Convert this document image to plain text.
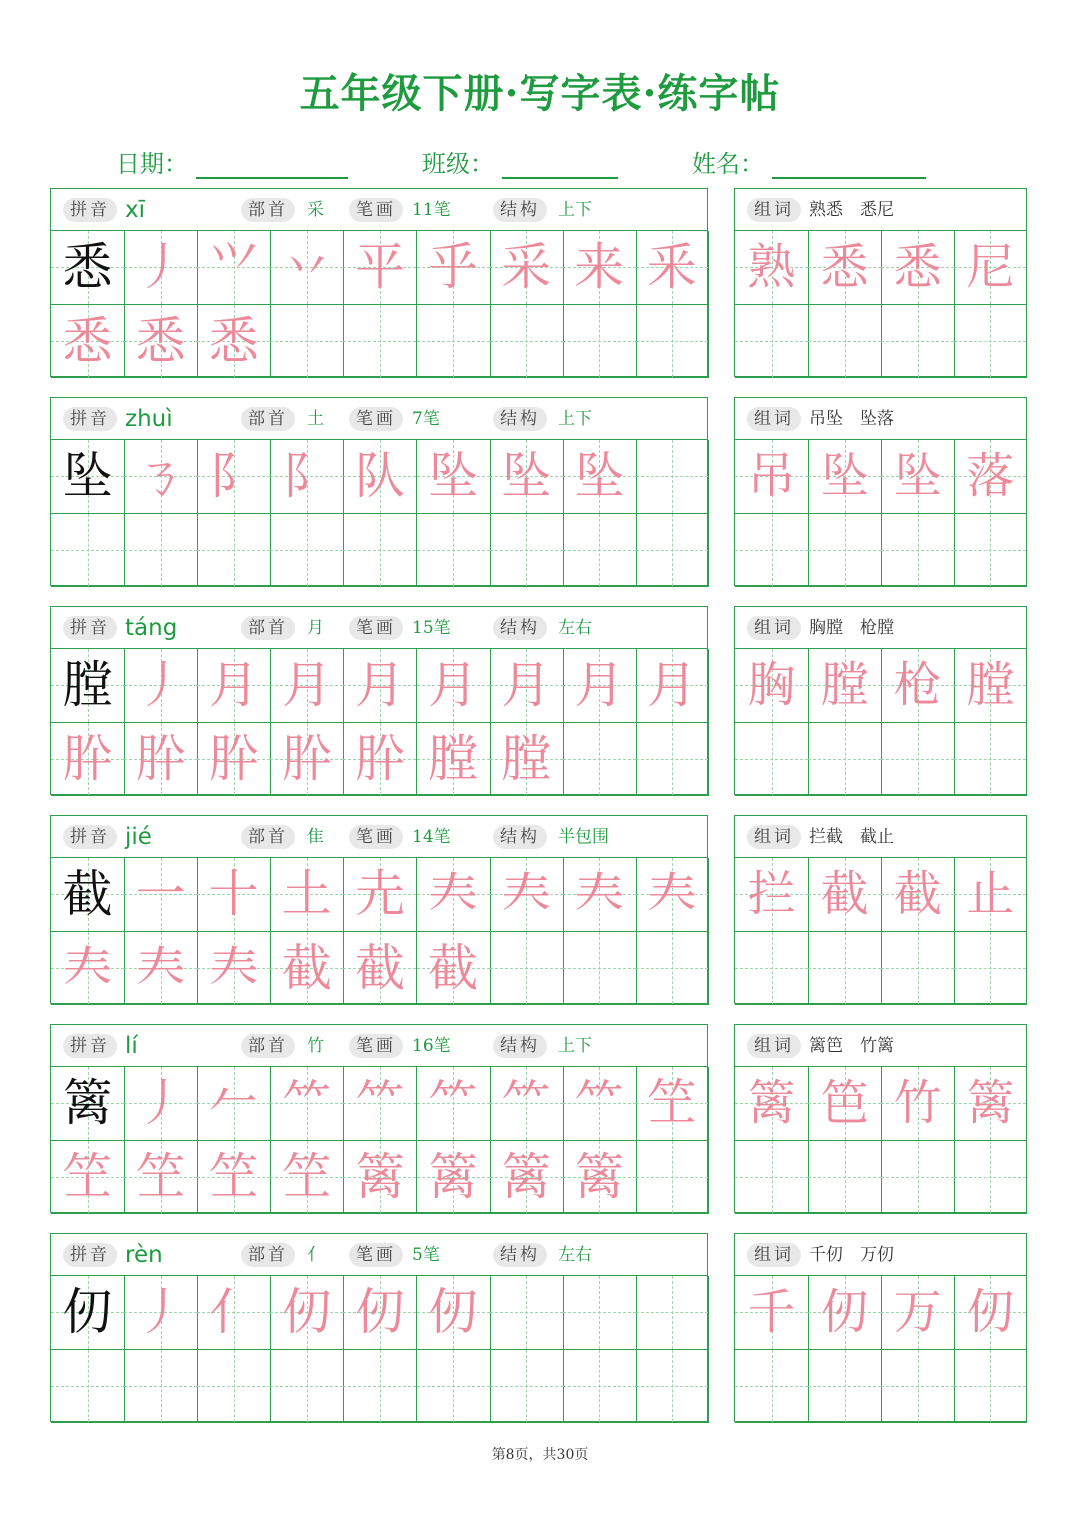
五年级下册·写字表·练字帖
日期：	班级：	姓名：
拼音 xī	部首	采	笔画 11笔	结构	上下
悉 丿 ⺍ 丷 平 乎 采 来 釆
悉 悉 悉
组词 熟悉　悉尼
熟 悉 悉 尼
拼音 zhuì	部首	土	笔画 7笔	结构	上下
坠 ㄋ 阝 阝 队 坠 坠 坠
组词 吊坠　坠落
吊 坠 坠 落
拼音 táng	部首	月	笔画 15笔	结构	左右
膛 丿 月 月 月 月 月 月 月
肸 肸 肸 肸 肸 膛 膛
组词 胸膛　枪膛
胸 膛 枪 膛
拼音 jié	部首	隹	笔画 14笔	结构	半包围
截 一 十 土 圥 𡗗 𡗗 𡗗 𡗗
𡗗 𡗗 𡗗 截 截 截
组词 拦截　截止
拦 截 截 止
拼音 lí	部首	竹	笔画 16笔	结构	上下
篱 丿 𠂉 ⺮ ⺮ ⺮ ⺮ ⺮ 笁
笁 笁 笁 笁 篱 篱 篱 篱
组词 篱笆　竹篱
篱 笆 竹 篱
拼音 rèn	部首	亻	笔画 5笔	结构	左右
仞 丿 亻 仞 仞 仞
组词 千仞　万仞
千 仞 万 仞
第8页，共30页
